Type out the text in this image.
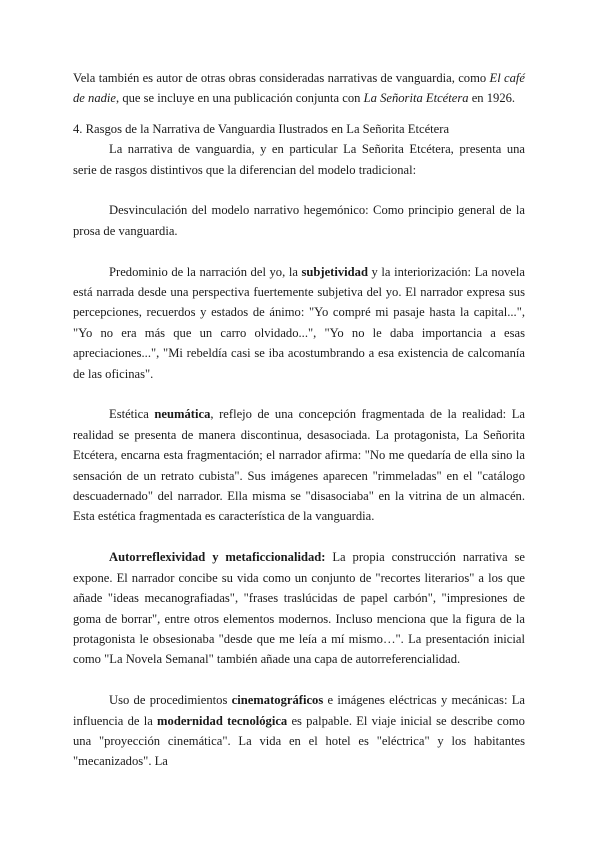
Vela también es autor de otras obras consideradas narrativas de vanguardia, como El café de nadie, que se incluye en una publicación conjunta con La Señorita Etcétera en 1926.

4. Rasgos de la Narrativa de Vanguardia Ilustrados en La Señorita Etcétera

La narrativa de vanguardia, y en particular La Señorita Etcétera, presenta una serie de rasgos distintivos que la diferencian del modelo tradicional:

Desvinculación del modelo narrativo hegemónico: Como principio general de la prosa de vanguardia.

Predominio de la narración del yo, la subjetividad y la interiorización: La novela está narrada desde una perspectiva fuertemente subjetiva del yo. El narrador expresa sus percepciones, recuerdos y estados de ánimo: "Yo compré mi pasaje hasta la capital...", "Yo no era más que un carro olvidado...", "Yo no le daba importancia a esas apreciaciones...", "Mi rebeldía casi se iba acostumbrando a esa existencia de calcomanía de las oficinas".

Estética neumática, reflejo de una concepción fragmentada de la realidad: La realidad se presenta de manera discontinua, desasociada. La protagonista, La Señorita Etcétera, encarna esta fragmentación; el narrador afirma: "No me quedaría de ella sino la sensación de un retrato cubista". Sus imágenes aparecen "rimmeladas" en el "catálogo descuadernado" del narrador. Ella misma se "disasociaba" en la vitrina de un almacén. Esta estética fragmentada es característica de la vanguardia.

Autorreflexividad y metaficcionalidad: La propia construcción narrativa se expone. El narrador concibe su vida como un conjunto de "recortes literarios" a los que añade "ideas mecanografiadas", "frases traslúcidas de papel carbón", "impresiones de goma de borrar", entre otros elementos modernos. Incluso menciona que la figura de la protagonista le obsesionaba "desde que me leía a mí mismo…". La presentación inicial como "La Novela Semanal" también añade una capa de autorreferencialidad.

Uso de procedimientos cinematográficos e imágenes eléctricas y mecánicas: La influencia de la modernidad tecnológica es palpable. El viaje inicial se describe como una "proyección cinemática". La vida en el hotel es "eléctrica" y los habitantes "mecanizados". La
